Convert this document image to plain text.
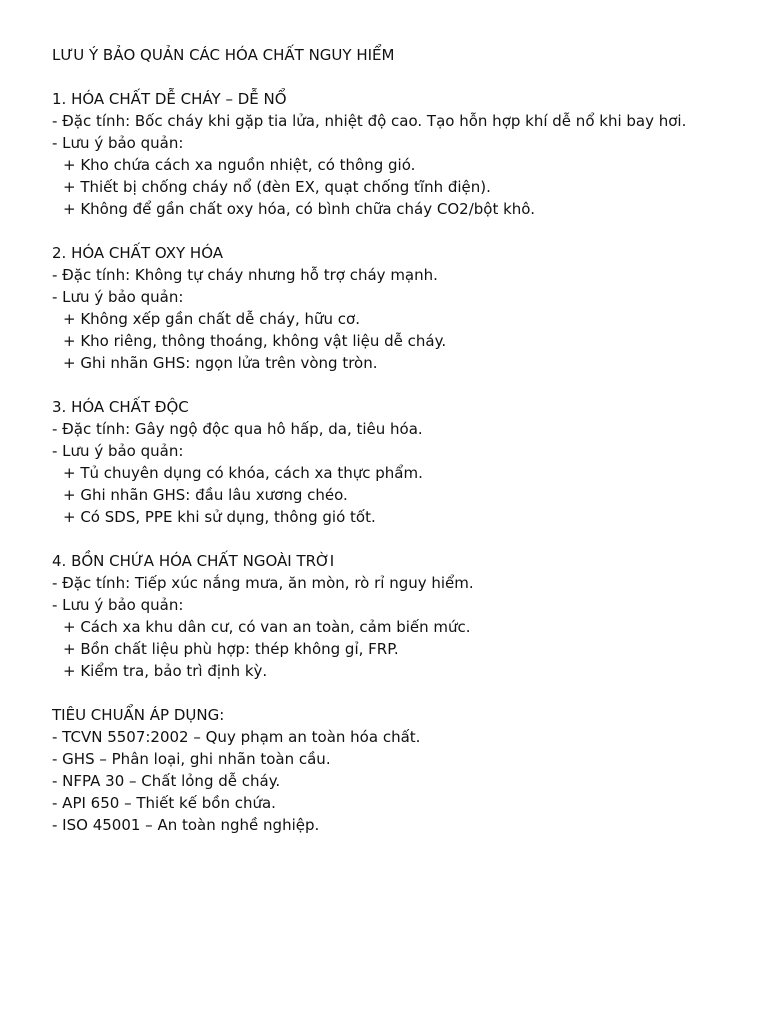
LƯU Ý BẢO QUẢN CÁC HÓA CHẤT NGUY HIỂM
1. HÓA CHẤT DỄ CHÁY – DỄ NỔ
- Đặc tính: Bốc cháy khi gặp tia lửa, nhiệt độ cao. Tạo hỗn hợp khí dễ nổ khi bay hơi.
- Lưu ý bảo quản:
+ Kho chứa cách xa nguồn nhiệt, có thông gió.
+ Thiết bị chống cháy nổ (đèn EX, quạt chống tĩnh điện).
+ Không để gần chất oxy hóa, có bình chữa cháy CO2/bột khô.
2. HÓA CHẤT OXY HÓA
- Đặc tính: Không tự cháy nhưng hỗ trợ cháy mạnh.
- Lưu ý bảo quản:
+ Không xếp gần chất dễ cháy, hữu cơ.
+ Kho riêng, thông thoáng, không vật liệu dễ cháy.
+ Ghi nhãn GHS: ngọn lửa trên vòng tròn.
3. HÓA CHẤT ĐỘC
- Đặc tính: Gây ngộ độc qua hô hấp, da, tiêu hóa.
- Lưu ý bảo quản:
+ Tủ chuyên dụng có khóa, cách xa thực phẩm.
+ Ghi nhãn GHS: đầu lâu xương chéo.
+ Có SDS, PPE khi sử dụng, thông gió tốt.
4. BỒN CHỨA HÓA CHẤT NGOÀI TRỜI
- Đặc tính: Tiếp xúc nắng mưa, ăn mòn, rò rỉ nguy hiểm.
- Lưu ý bảo quản:
+ Cách xa khu dân cư, có van an toàn, cảm biến mức.
+ Bồn chất liệu phù hợp: thép không gỉ, FRP.
+ Kiểm tra, bảo trì định kỳ.
TIÊU CHUẨN ÁP DỤNG:
- TCVN 5507:2002 – Quy phạm an toàn hóa chất.
- GHS – Phân loại, ghi nhãn toàn cầu.
- NFPA 30 – Chất lỏng dễ cháy.
- API 650 – Thiết kế bồn chứa.
- ISO 45001 – An toàn nghề nghiệp.
